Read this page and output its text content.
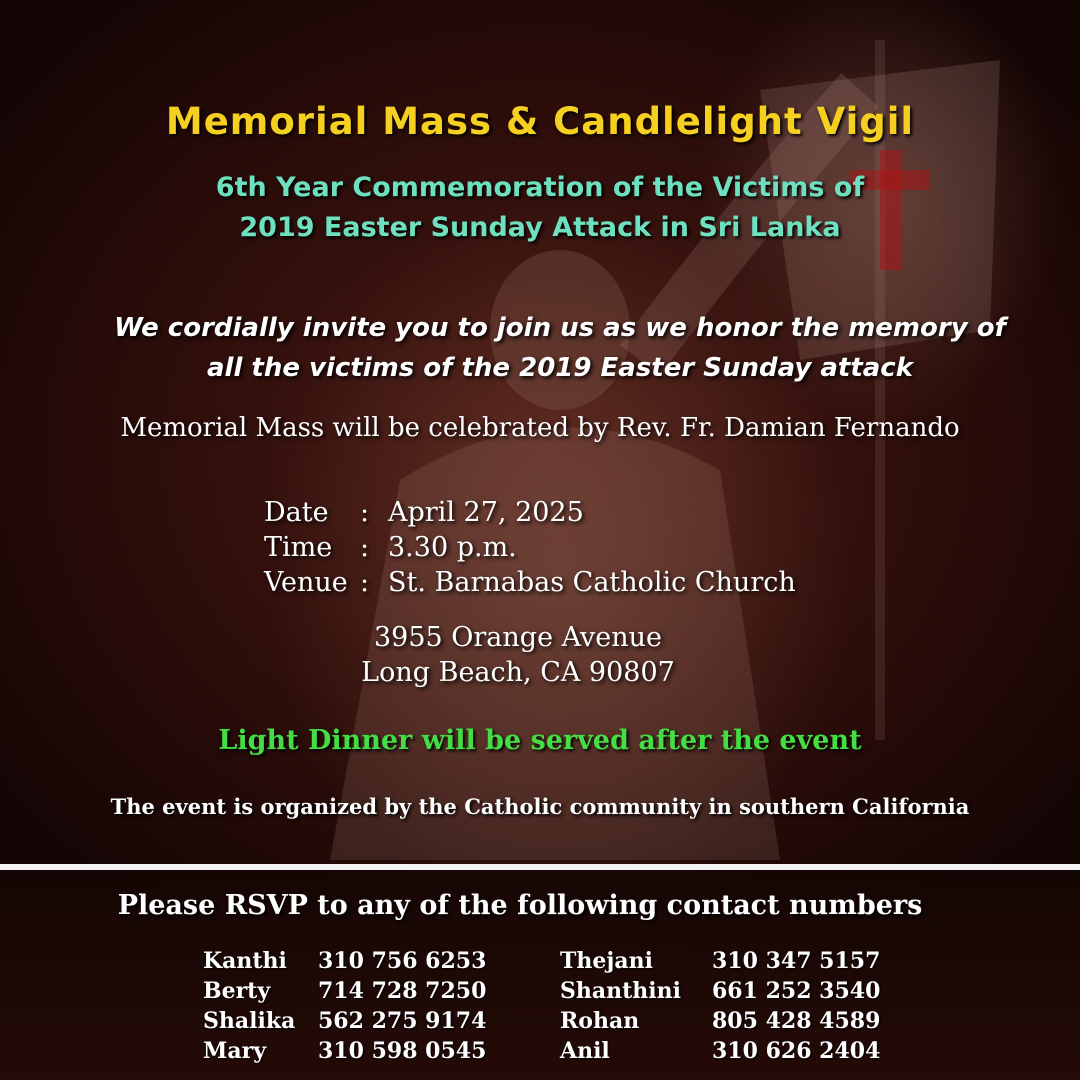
Memorial Mass & Candlelight Vigil
6th Year Commemoration of the Victims of
2019 Easter Sunday Attack in Sri Lanka
We cordially invite you to join us as we honor the memory of
all the victims of the 2019 Easter Sunday attack
Memorial Mass will be celebrated by Rev. Fr. Damian Fernando
Date	: April 27, 2025
Time	: 3.30 p.m.
Venue : St. Barnabas Catholic Church
3955 Orange Avenue
Long Beach, CA 90807
Light Dinner will be served after the event
The event is organized by the Catholic community in southern California
Please RSVP to any of the following contact numbers
Kanthi	310 756 6253
Berty	714 728 7250
Shalika	562 275 9174
Mary	310 598 0545
Thejani	310 347 5157
Shanthini	661 252 3540
Rohan	805 428 4589
Anil	310 626 2404
